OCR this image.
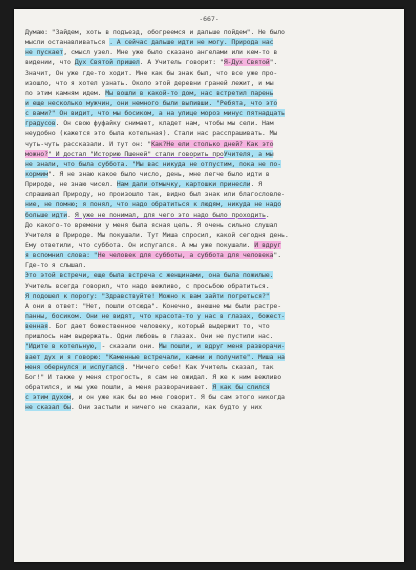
-667-
Думаю: "Зайдем, хоть в подъезд, обогреемся и дальше пойдем". Не было
мысли останавливаться . А сейчас дальше идти не могу. Природа нас
не пускает, смысл узел. Мне уже было сказано ангелами или кем-то в
видении, что Дух Святой пришел. А Учитель говорит: "Я-Дух Святой".
Значит, Он уже где-то ходит. Мне как бы знак был, что все уже про-
изошло, что я хотел узнать. Около этой деревни граней лежит, и мы
по этим камням идем. Мы вошли в какой-то дом, нас встретил парень
и еще несколько мужчин, они немного были выпивши. "Ребята, что это
с вами?" Он видит, что мы босиком, а на улице мороз минус пятнадцать
градусов. Он свою фуфайку снимает, кладет нам, чтобы мы сели. Нам
неудобно (кажется это была котельная). Стали нас расспрашивать. Мы
чуть-чуть рассказали. И тут он: "Как?Не ели столько дней? Как это
можно?" И достал "Историю Пшеней" стали говорить проУчителя, а мы
не знали, что была суббота. "Мы вас никуда не отпустим, пока не по-
кормим". Я не знаю какое было число, день, мне легче было идти в
Природе, не знаю чисел. Нам дали отмычку, картошки принесли. Я
спрашивал Природу, но произошло так, видно был знак или благословле-
ние, не помню; я понял, что надо обратиться к людям, никуда не надо
больше идти. Я уже не понимал, для чего это надо было проходить.
До какого-то времени у меня была ясная цель. Я очень сильно слушал
Учителя в Природе. Мы покушали. Тут Миша спросил, какой сегодня день.
Ему ответили, что суббота. Он испугался. А мы уже покушали. И вдруг
я вспомнил слова: "Не человек для субботы, а суббота для человека".
Где-то я слышал.
Это этой встречи, еще была встреча с женщинами, она была пожилые.
Учитель всегда говорил, что надо вежливо, с просьбою обратиться.
Я подошел к порогу: "Здравствуйте! Можно к вам зайти погреться?"
А они в ответ: "Нет, пошли отсюда". Конечно, внешне мы были растре-
панны, босиком. Они не видят, что красота-то у нас в глазах, божест-
венная. Бог дает божественное человеку, который выдержит то, что
пришлось нам выдержать. Одни любовь в глазах. Они не пустили нас.
"Идите в котельную, - сказали они. Мы пошли, и вдруг меня разворачи-
вает дух и я говорю: "Каменные встречали, камни и получите". Миша на
меня обернулся и испугался. "Ничего себе! Как Учитель сказал, так
Бог!" И также у меня строгость, я сам не ожидал. Я же к ним вежливо
обратился, и мы уже пошли, а меня разворачивает. Я как бы слился
с этим духом, и он уже как бы во мне говорит. Я бы сам этого никогда
не сказал бы. Они застыли и ничего не сказали, как будто у них
